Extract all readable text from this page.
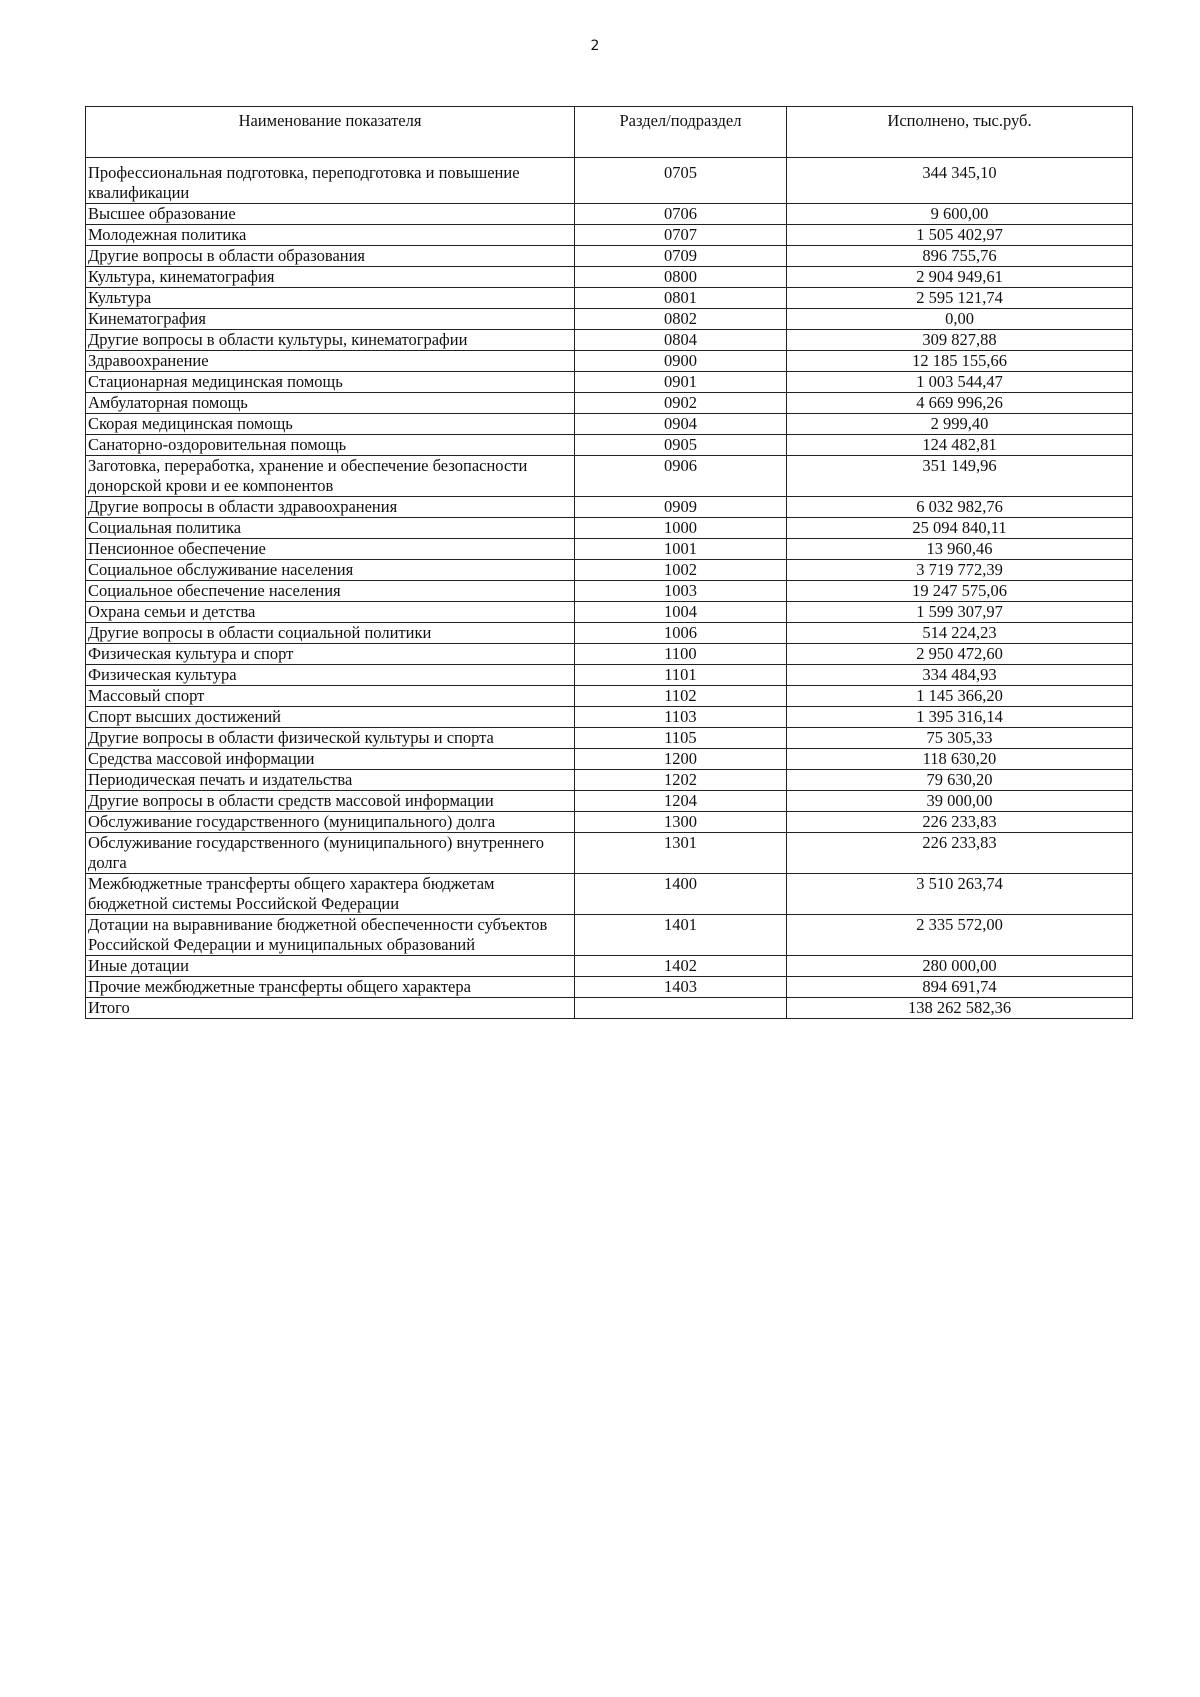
2
Наименование показателя	Раздел/подраздел	Исполнено, тыс.руб.
Профессиональная подготовка, переподготовка и повышение квалификации	0705	344 345,10
Высшее образование	0706	9 600,00
Молодежная политика	0707	1 505 402,97
Другие вопросы в области образования	0709	896 755,76
Культура, кинематография	0800	2 904 949,61
Культура	0801	2 595 121,74
Кинематография	0802	0,00
Другие вопросы в области культуры, кинематографии	0804	309 827,88
Здравоохранение	0900	12 185 155,66
Стационарная медицинская помощь	0901	1 003 544,47
Амбулаторная помощь	0902	4 669 996,26
Скорая медицинская помощь	0904	2 999,40
Санаторно-оздоровительная помощь	0905	124 482,81
Заготовка, переработка, хранение и обеспечение безопасности донорской крови и ее компонентов	0906	351 149,96
Другие вопросы в области здравоохранения	0909	6 032 982,76
Социальная политика	1000	25 094 840,11
Пенсионное обеспечение	1001	13 960,46
Социальное обслуживание населения	1002	3 719 772,39
Социальное обеспечение населения	1003	19 247 575,06
Охрана семьи и детства	1004	1 599 307,97
Другие вопросы в области социальной политики	1006	514 224,23
Физическая культура и спорт	1100	2 950 472,60
Физическая культура	1101	334 484,93
Массовый спорт	1102	1 145 366,20
Спорт высших достижений	1103	1 395 316,14
Другие вопросы в области физической культуры и спорта	1105	75 305,33
Средства массовой информации	1200	118 630,20
Периодическая печать и издательства	1202	79 630,20
Другие вопросы в области средств массовой информации	1204	39 000,00
Обслуживание государственного (муниципального) долга	1300	226 233,83
Обслуживание государственного (муниципального) внутреннего долга	1301	226 233,83
Межбюджетные трансферты общего характера бюджетам бюджетной системы Российской Федерации	1400	3 510 263,74
Дотации на выравнивание бюджетной обеспеченности субъектов Российской Федерации и муниципальных образований	1401	2 335 572,00
Иные дотации	1402	280 000,00
Прочие межбюджетные трансферты общего характера	1403	894 691,74
Итого		138 262 582,36
